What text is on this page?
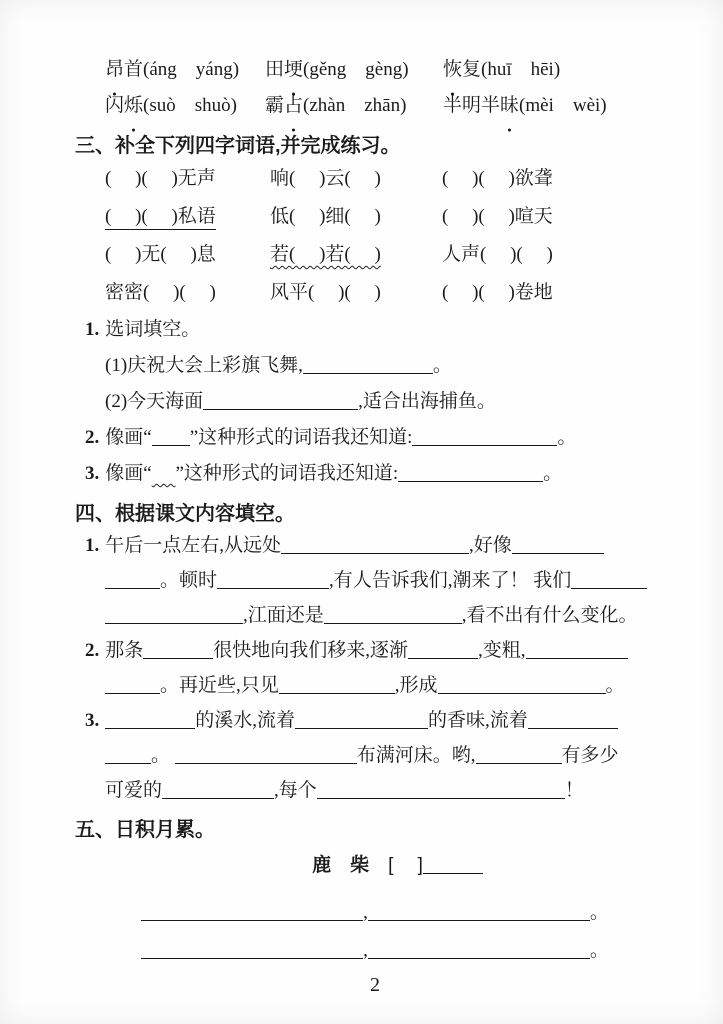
昂 ●首(áng　yáng)	田埂 ●(gěng　gèng)	恢 ●复(huī　hēi)
闪烁 ●(suò　shuò)	霸占 ●(zhàn　zhān)	半明半昧 ●(mèi　wèi)
三、补全下列四字词语,并完成练习。
(　 )(　 )无声	响(　 )云(　 )	(　 )(　 )欲聋
(　 )(　 )私语	低(　 )细(　 )	(　 )(　 )喧天
(　 )无(　 )息	若(　 )若(　 )	人声(　 )(　 )
密密(　 )(　 )	风平(　 )(　 )	(　 )(　 )卷地
1. 选词填空。
(1)庆祝大会上彩旗飞舞,	。
(2)今天海面	,适合出海捕鱼。
2. 像画“ ”这种形式的词语我还知道:	。
3. 像画“ ”这种形式的词语我还知道:	。
四、根据课文内容填空。
1. 午后一点左右,从远处	,好像
。顿时	,有人告诉我们,潮来了！ 我们
,江面还是	,看不出有什么变化。
2. 那条	很快地向我们移来,逐渐	,变粗,
。再近些,只见	,形成	。
3.	的溪水,流着	的香味,流着
。	布满河床。哟,	有多少
可爱的	,每个	！
五、日积月累。
鹿　柴　[　 ]
,	。
,	。
2
